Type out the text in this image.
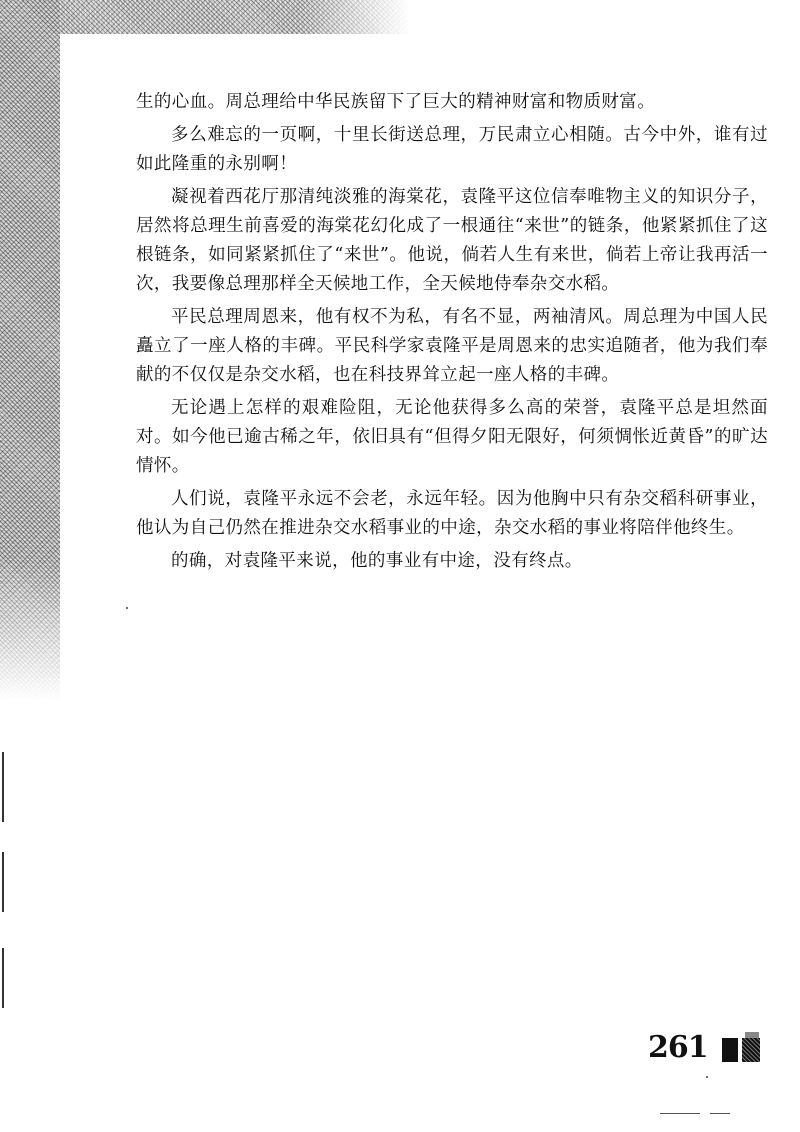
生的心血。周总理给中华民族留下了巨大的精神财富和物质财富。

多么难忘的一页啊，十里长街送总理，万民肃立心相随。古今中外，谁有过如此隆重的永别啊！

凝视着西花厅那清纯淡雅的海棠花，袁隆平这位信奉唯物主义的知识分子，居然将总理生前喜爱的海棠花幻化成了一根通往“来世”的链条，他紧紧抓住了这根链条，如同紧紧抓住了“来世”。他说，倘若人生有来世，倘若上帝让我再活一次，我要像总理那样全天候地工作，全天候地侍奉杂交水稻。

平民总理周恩来，他有权不为私，有名不显，两袖清风。周总理为中国人民矗立了一座人格的丰碑。平民科学家袁隆平是周恩来的忠实追随者，他为我们奉献的不仅仅是杂交水稻，也在科技界耸立起一座人格的丰碑。

无论遇上怎样的艰难险阻，无论他获得多么高的荣誉，袁隆平总是坦然面对。如今他已逾古稀之年，依旧具有“但得夕阳无限好，何须惆怅近黄昏”的旷达情怀。

人们说，袁隆平永远不会老，永远年轻。因为他胸中只有杂交稻科研事业，他认为自己仍然在推进杂交水稻事业的中途，杂交水稻的事业将陪伴他终生。

的确，对袁隆平来说，他的事业有中途，没有终点。

261
